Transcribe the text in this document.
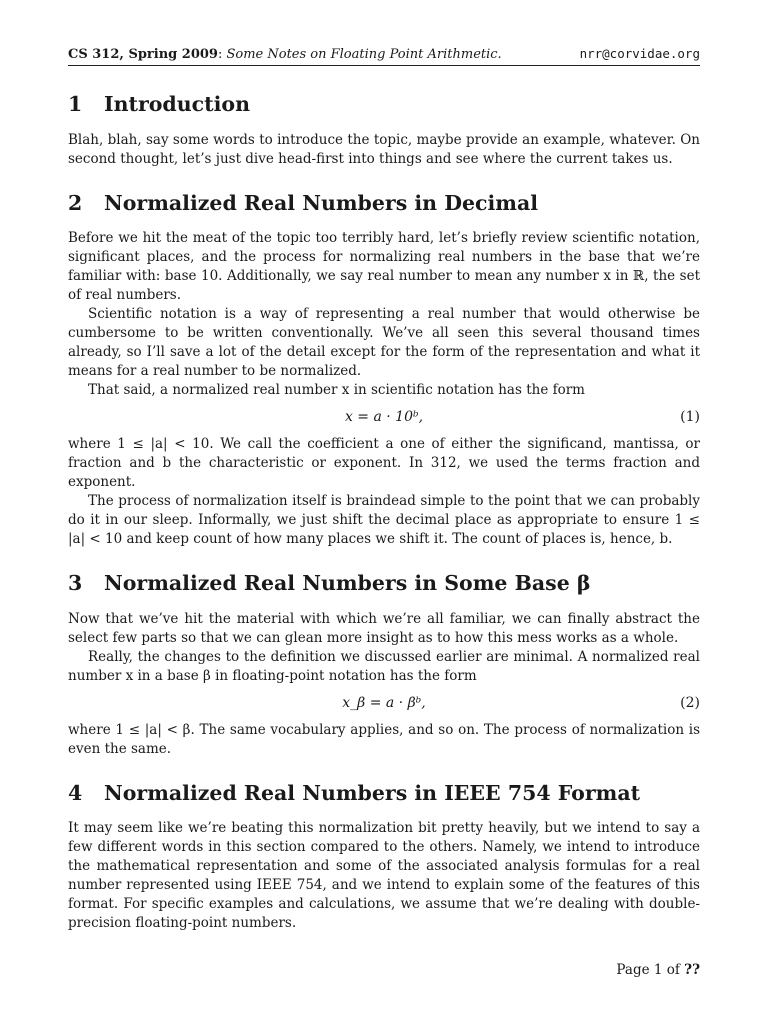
CS 312, Spring 2009: Some Notes on Floating Point Arithmetic.	nrr@corvidae.org
1 Introduction

Blah, blah, say some words to introduce the topic, maybe provide an example, whatever. On second thought, let’s just dive head-first into things and see where the current takes us.

2 Normalized Real Numbers in Decimal

Before we hit the meat of the topic too terribly hard, let’s briefly review scientific notation, significant places, and the process for normalizing real numbers in the base that we’re familiar with: base 10. Additionally, we say real number to mean any number x in ℝ, the set of real numbers.

Scientific notation is a way of representing a real number that would otherwise be cumbersome to be written conventionally. We’ve all seen this several thousand times already, so I’ll save a lot of the detail except for the form of the representation and what it means for a real number to be normalized.

That said, a normalized real number x in scientific notation has the form

x = a · 10ᵇ,	(1)

where 1 ≤ |a| < 10. We call the coefficient a one of either the significand, mantissa, or fraction and b the characteristic or exponent. In 312, we used the terms fraction and exponent.

The process of normalization itself is braindead simple to the point that we can probably do it in our sleep. Informally, we just shift the decimal place as appropriate to ensure 1 ≤ |a| < 10 and keep count of how many places we shift it. The count of places is, hence, b.

3 Normalized Real Numbers in Some Base β

Now that we’ve hit the material with which we’re all familiar, we can finally abstract the select few parts so that we can glean more insight as to how this mess works as a whole.

Really, the changes to the definition we discussed earlier are minimal. A normalized real number x in a base β in floating-point notation has the form

x_β = a · βᵇ,	(2)

where 1 ≤ |a| < β. The same vocabulary applies, and so on. The process of normalization is even the same.

4 Normalized Real Numbers in IEEE 754 Format

It may seem like we’re beating this normalization bit pretty heavily, but we intend to say a few different words in this section compared to the others. Namely, we intend to introduce the mathematical representation and some of the associated analysis formulas for a real number represented using IEEE 754, and we intend to explain some of the features of this format. For specific examples and calculations, we assume that we’re dealing with double-precision floating-point numbers.

Page 1 of ??
